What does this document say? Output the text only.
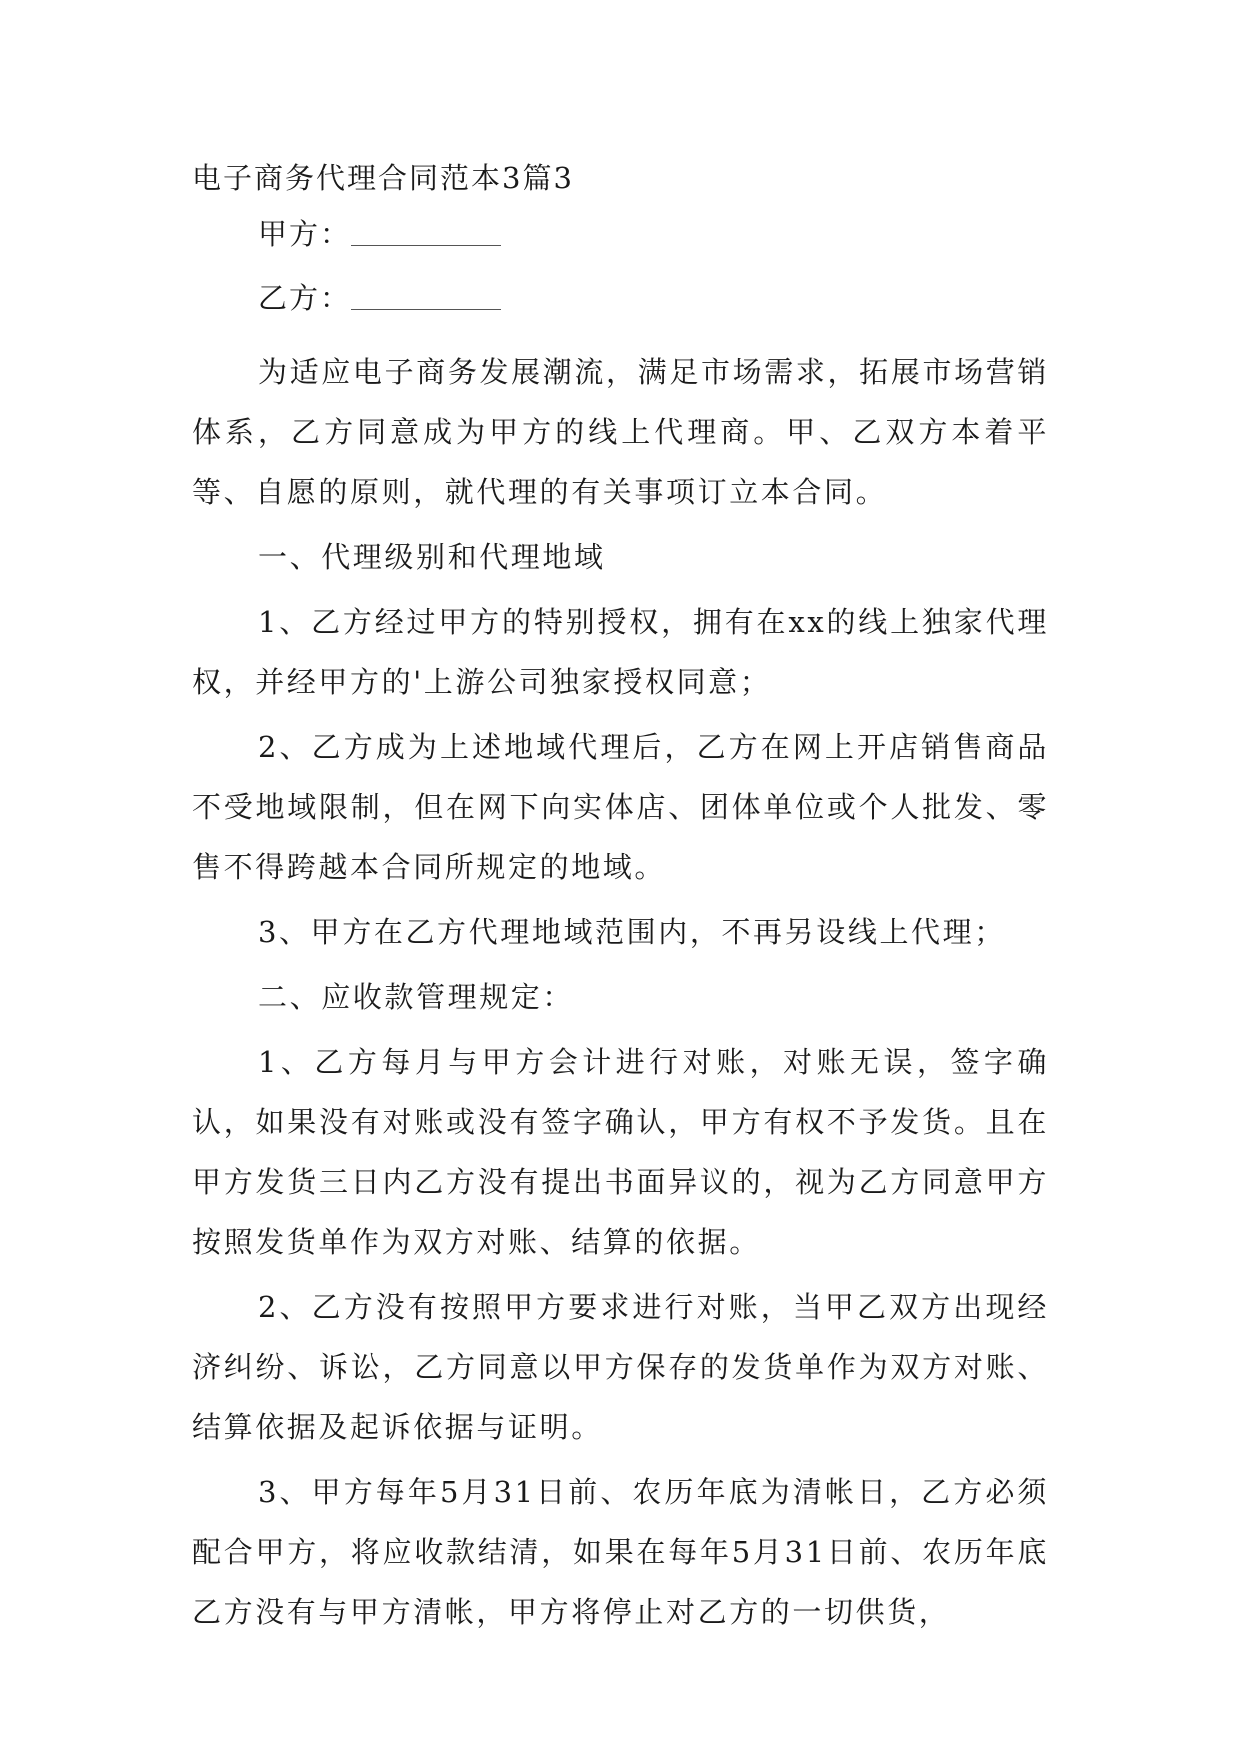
电子商务代理合同范本3篇3
甲方：
乙方：

为适应电子商务发展潮流，满足市场需求，拓展市场营销体系，乙方同意成为甲方的线上代理商。甲、乙双方本着平等、自愿的原则，就代理的有关事项订立本合同。

一、代理级别和代理地域

1、乙方经过甲方的特别授权，拥有在xx的线上独家代理权，并经甲方的'上游公司独家授权同意；

2、乙方成为上述地域代理后，乙方在网上开店销售商品不受地域限制，但在网下向实体店、团体单位或个人批发、零售不得跨越本合同所规定的地域。

3、甲方在乙方代理地域范围内，不再另设线上代理；

二、应收款管理规定：

1、乙方每月与甲方会计进行对账，对账无误，签字确认，如果没有对账或没有签字确认，甲方有权不予发货。且在甲方发货三日内乙方没有提出书面异议的，视为乙方同意甲方按照发货单作为双方对账、结算的依据。

2、乙方没有按照甲方要求进行对账，当甲乙双方出现经济纠纷、诉讼，乙方同意以甲方保存的发货单作为双方对账、结算依据及起诉依据与证明。

3、甲方每年5月31日前、农历年底为清帐日，乙方必须配合甲方，将应收款结清，如果在每年5月31日前、农历年底乙方没有与甲方清帐，甲方将停止对乙方的一切供货，
